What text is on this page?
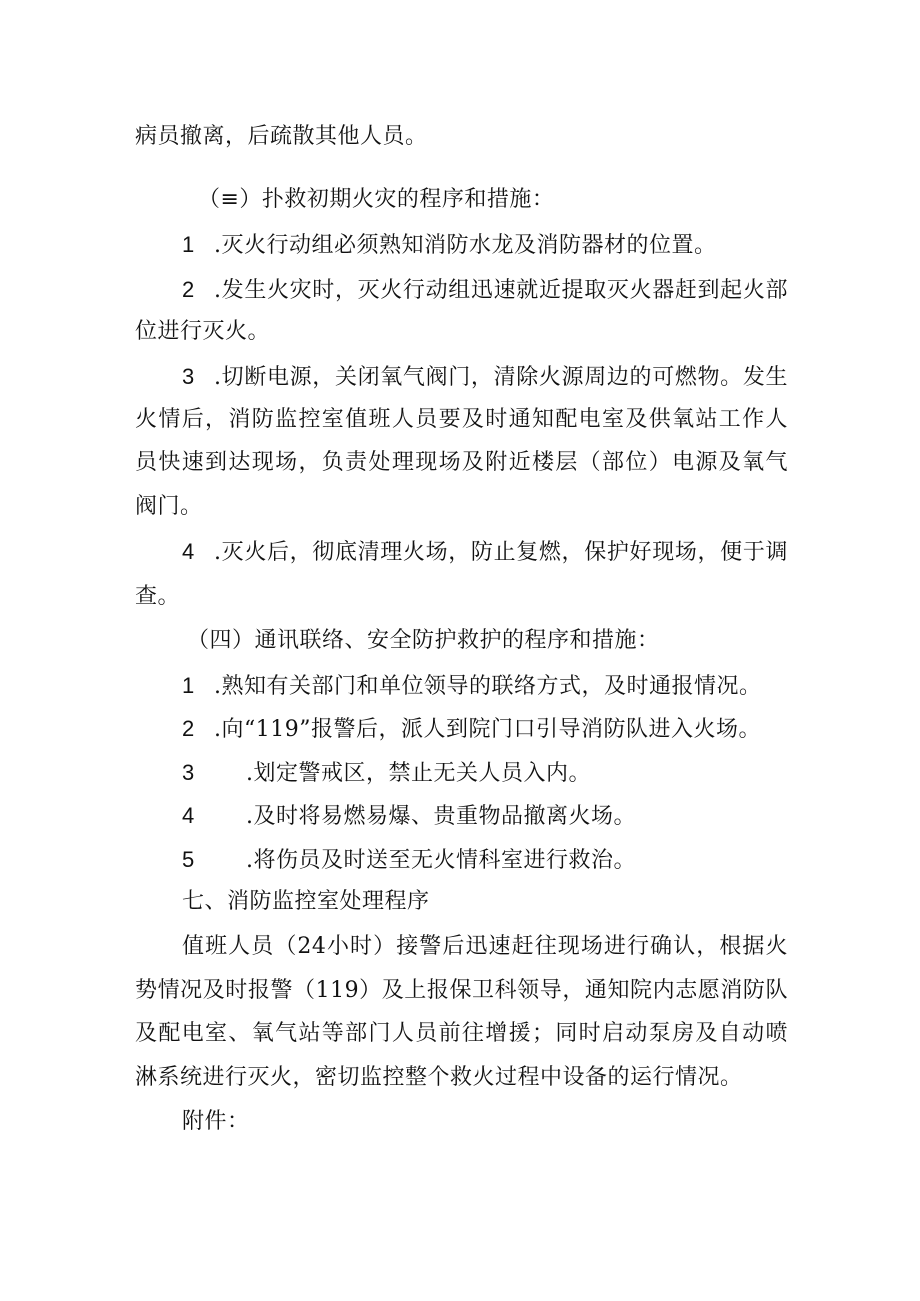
病员撤离，后疏散其他人员。
（≡）扑救初期火灾的程序和措施：
1 .灭火行动组必须熟知消防水龙及消防器材的位置。
2 .发生火灾时，灭火行动组迅速就近提取灭火器赶到起火部
位进行灭火。
3 .切断电源，关闭氧气阀门，清除火源周边的可燃物。发生
火情后，消防监控室值班人员要及时通知配电室及供氧站工作人
员快速到达现场，负责处理现场及附近楼层（部位）电源及氧气
阀门。
4 .灭火后，彻底清理火场，防止复燃，保护好现场，便于调
查。
（四）通讯联络、安全防护救护的程序和措施：
1 .熟知有关部门和单位领导的联络方式，及时通报情况。
2 .向“119”报警后，派人到院门口引导消防队进入火场。
3 .划定警戒区，禁止无关人员入内。
4 .及时将易燃易爆、贵重物品撤离火场。
5 .将伤员及时送至无火情科室进行救治。
七、消防监控室处理程序
值班人员（24小时）接警后迅速赶往现场进行确认，根据火
势情况及时报警（119）及上报保卫科领导，通知院内志愿消防队
及配电室、氧气站等部门人员前往增援；同时启动泵房及自动喷
淋系统进行灭火，密切监控整个救火过程中设备的运行情况。
附件：
